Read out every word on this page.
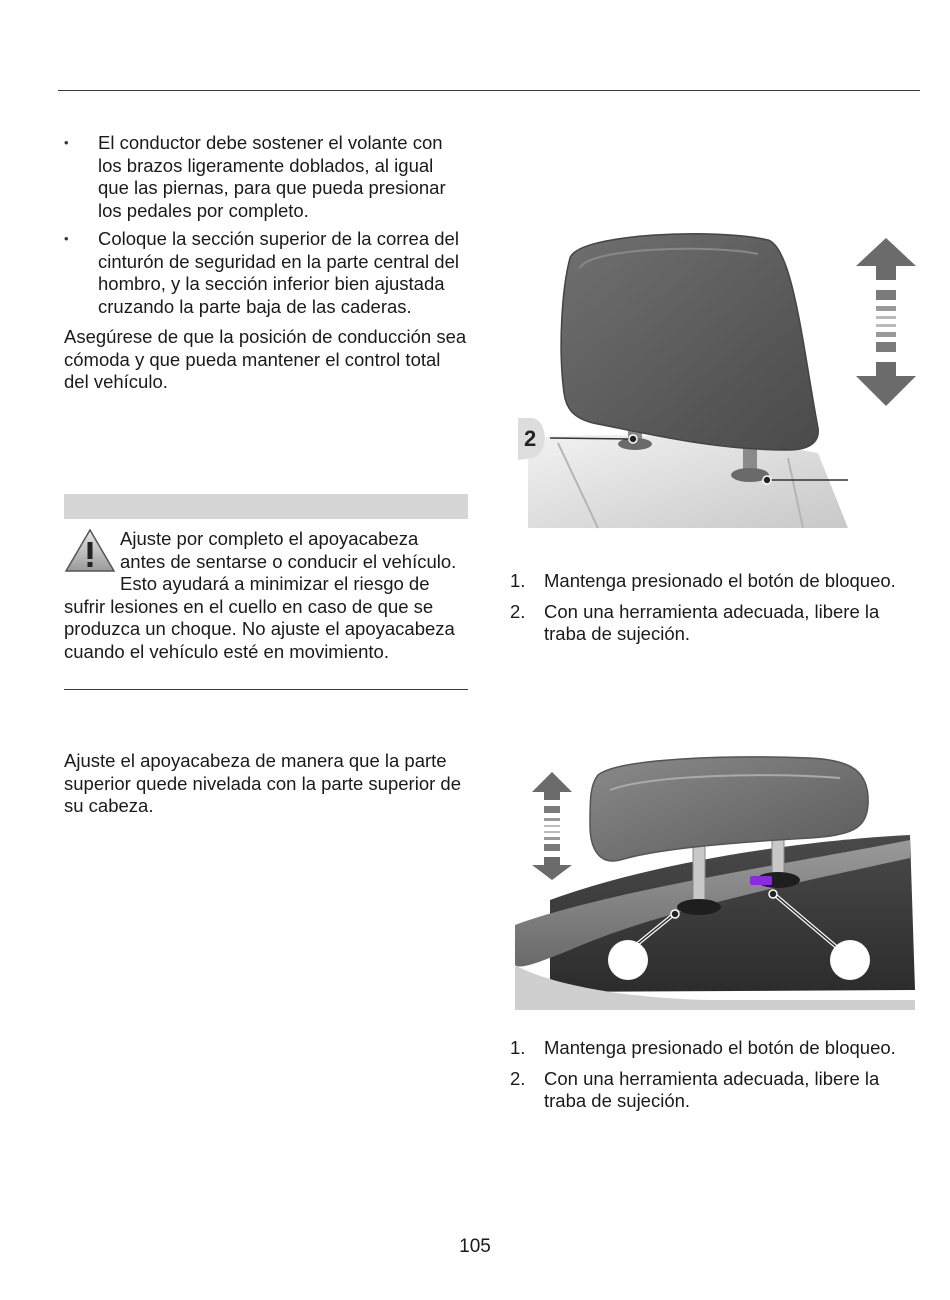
• El conductor debe sostener el volante con los brazos ligeramente doblados, al igual que las piernas, para que pueda presionar los pedales por completo.
• Coloque la sección superior de la correa del cinturón de seguridad en la parte central del hombro, y la sección inferior bien ajustada cruzando la parte baja de las caderas.

Asegúrese de que la posición de conducción sea cómoda y que pueda mantener el control total del vehículo.

Ajuste por completo el apoyacabeza antes de sentarse o conducir el vehículo. Esto ayudará a minimizar el riesgo de sufrir lesiones en el cuello en caso de que se produzca un choque. No ajuste el apoyacabeza cuando el vehículo esté en movimiento.

Ajuste el apoyacabeza de manera que la parte superior quede nivelada con la parte superior de su cabeza.

2
1. Mantenga presionado el botón de bloqueo.
2. Con una herramienta adecuada, libere la traba de sujeción.
1. Mantenga presionado el botón de bloqueo.
2. Con una herramienta adecuada, libere la traba de sujeción.
105
